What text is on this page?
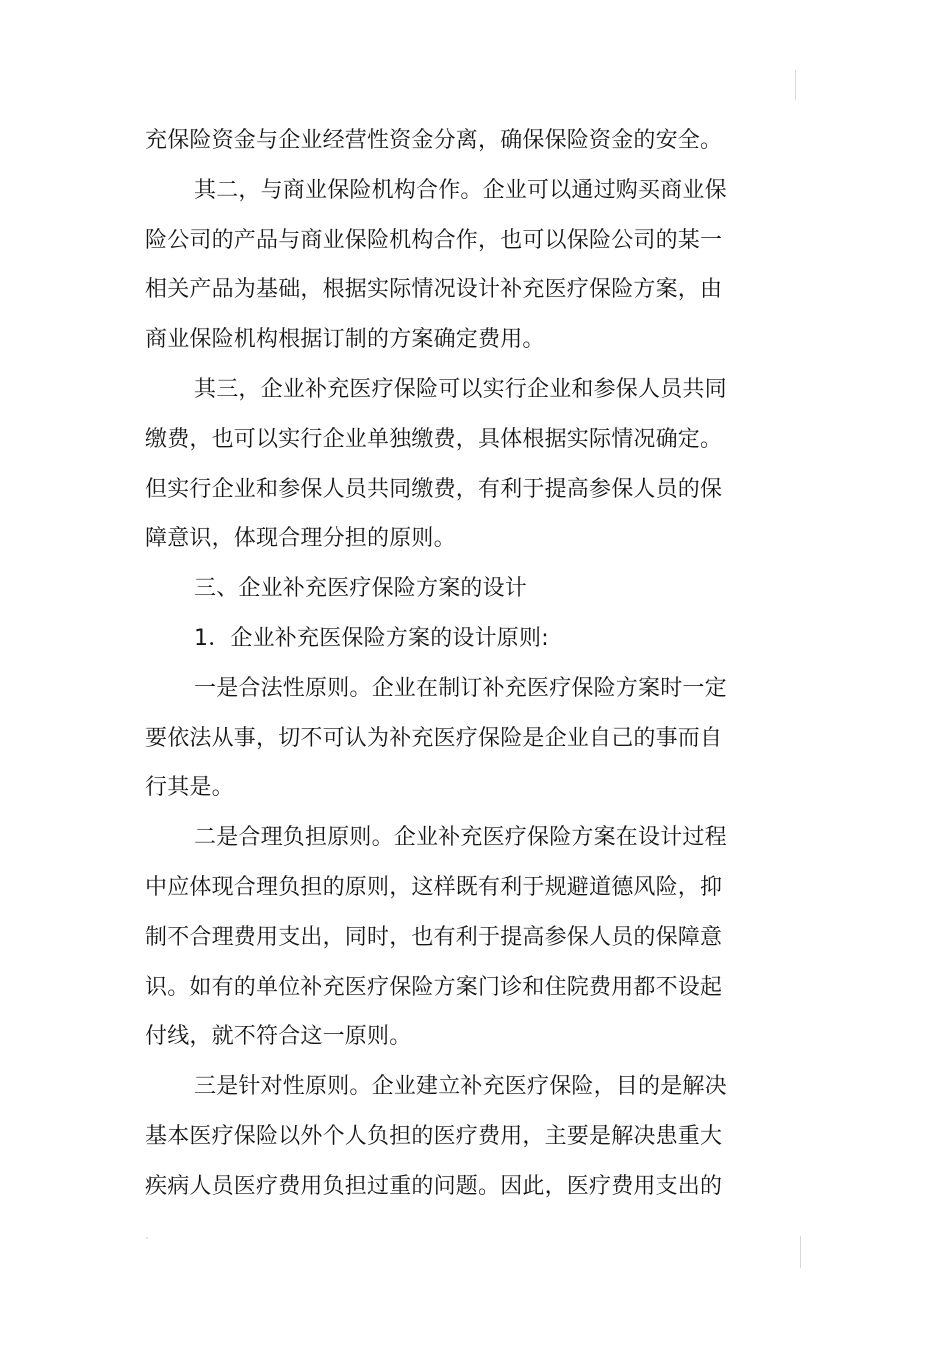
充保险资金与企业经营性资金分离，确保保险资金的安全。
其二，与商业保险机构合作。企业可以通过购买商业保
险公司的产品与商业保险机构合作，也可以保险公司的某一
相关产品为基础，根据实际情况设计补充医疗保险方案，由
商业保险机构根据订制的方案确定费用。
其三，企业补充医疗保险可以实行企业和参保人员共同
缴费，也可以实行企业单独缴费，具体根据实际情况确定。
但实行企业和参保人员共同缴费，有利于提高参保人员的保
障意识，体现合理分担的原则。
三、企业补充医疗保险方案的设计
1．企业补充医保险方案的设计原则:
一是合法性原则。企业在制订补充医疗保险方案时一定
要依法从事，切不可认为补充医疗保险是企业自己的事而自
行其是。
二是合理负担原则。企业补充医疗保险方案在设计过程
中应体现合理负担的原则，这样既有利于规避道德风险，抑
制不合理费用支出，同时，也有利于提高参保人员的保障意
识。如有的单位补充医疗保险方案门诊和住院费用都不设起
付线，就不符合这一原则。
三是针对性原则。企业建立补充医疗保险，目的是解决
基本医疗保险以外个人负担的医疗费用，主要是解决患重大
疾病人员医疗费用负担过重的问题。因此，医疗费用支出的
